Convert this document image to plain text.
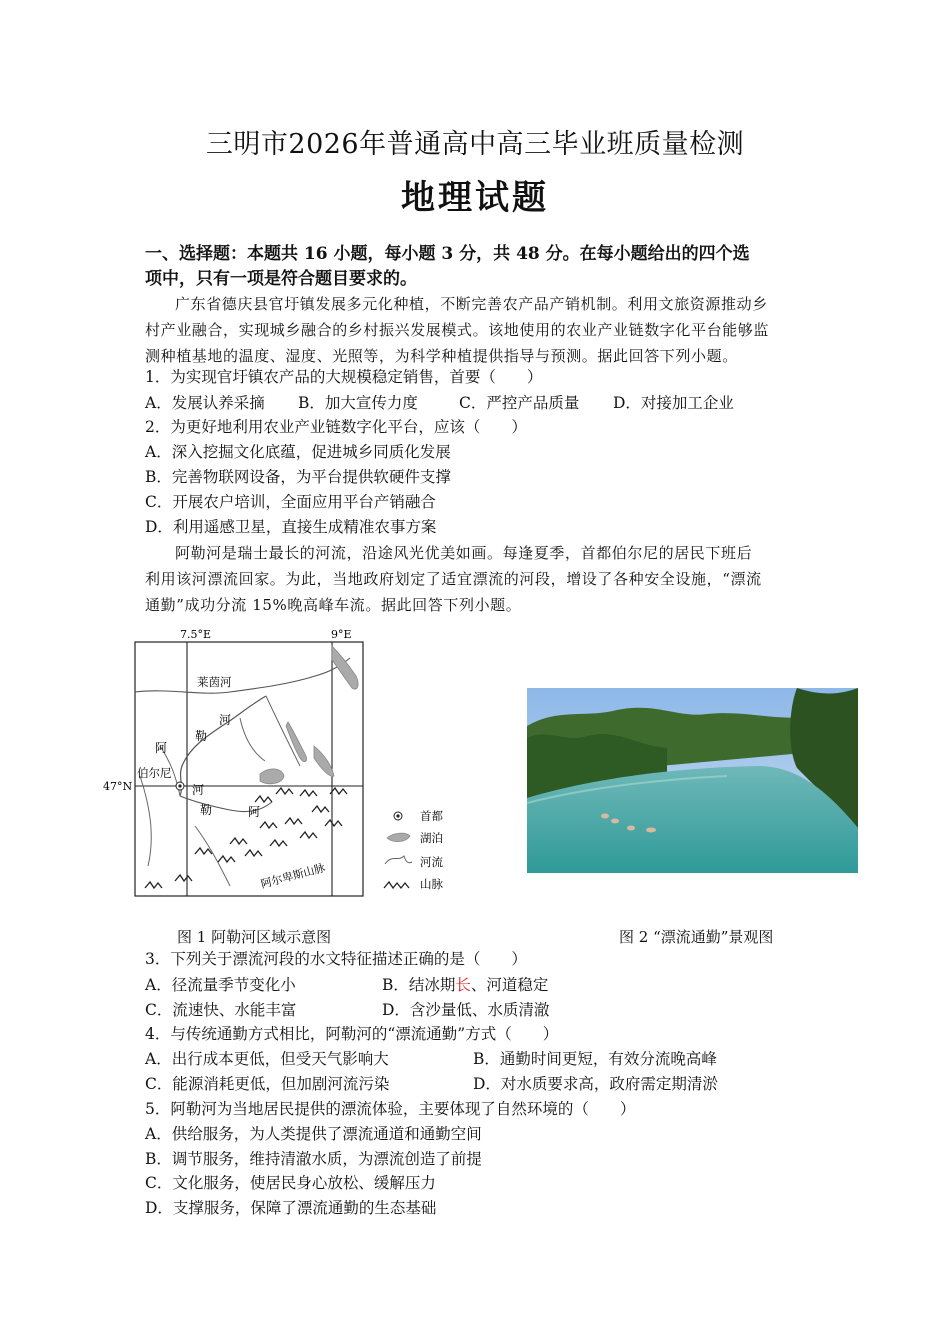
三明市2026年普通高中高三毕业班质量检测
地理试题
一、选择题：本题共 16 小题，每小题 3 分，共 48 分。在每小题给出的四个选
项中，只有一项是符合题目要求的。
广东省德庆县官圩镇发展多元化种植，不断完善农产品产销机制。利用文旅资源推动乡
村产业融合，实现城乡融合的乡村振兴发展模式。该地使用的农业产业链数字化平台能够监
测种植基地的温度、湿度、光照等，为科学种植提供指导与预测。据此回答下列小题。
1．为实现官圩镇农产品的大规模稳定销售，首要（　　）
A．发展认养采摘 B．加大宣传力度	C．严控产品质量 D．对接加工企业
2．为更好地利用农业产业链数字化平台，应该（　　）
A．深入挖掘文化底蕴，促进城乡同质化发展
B．完善物联网设备，为平台提供软硬件支撑
C．开展农户培训，全面应用平台产销融合
D．利用遥感卫星，直接生成精准农事方案
阿勒河是瑞士最长的河流，沿途风光优美如画。每逢夏季，首都伯尔尼的居民下班后
利用该河漂流回家。为此，当地政府划定了适宜漂流的河段，增设了各种安全设施，“漂流
通勤”成功分流 15%晚高峰车流。据此回答下列小题。
7.5°E	9°E
47°N
莱茵河
河
勒
阿
河
勒	阿
伯尔尼
阿尔卑斯山脉
首都
湖泊
河流
山脉
图 1 阿勒河区域示意图	图 2 “漂流通勤”景观图
3．下列关于漂流河段的水文特征描述正确的是（　　）
A．径流量季节变化小	B．结冰期长、河道稳定
C．流速快、水能丰富	D．含沙量低、水质清澈
4．与传统通勤方式相比，阿勒河的“漂流通勤”方式（　　）
A．出行成本更低，但受天气影响大	B．通勤时间更短，有效分流晚高峰
C．能源消耗更低，但加剧河流污染	D．对水质要求高，政府需定期清淤
5．阿勒河为当地居民提供的漂流体验，主要体现了自然环境的（　　）
A．供给服务，为人类提供了漂流通道和通勤空间
B．调节服务，维持清澈水质，为漂流创造了前提
C．文化服务，使居民身心放松、缓解压力
D．支撑服务，保障了漂流通勤的生态基础
